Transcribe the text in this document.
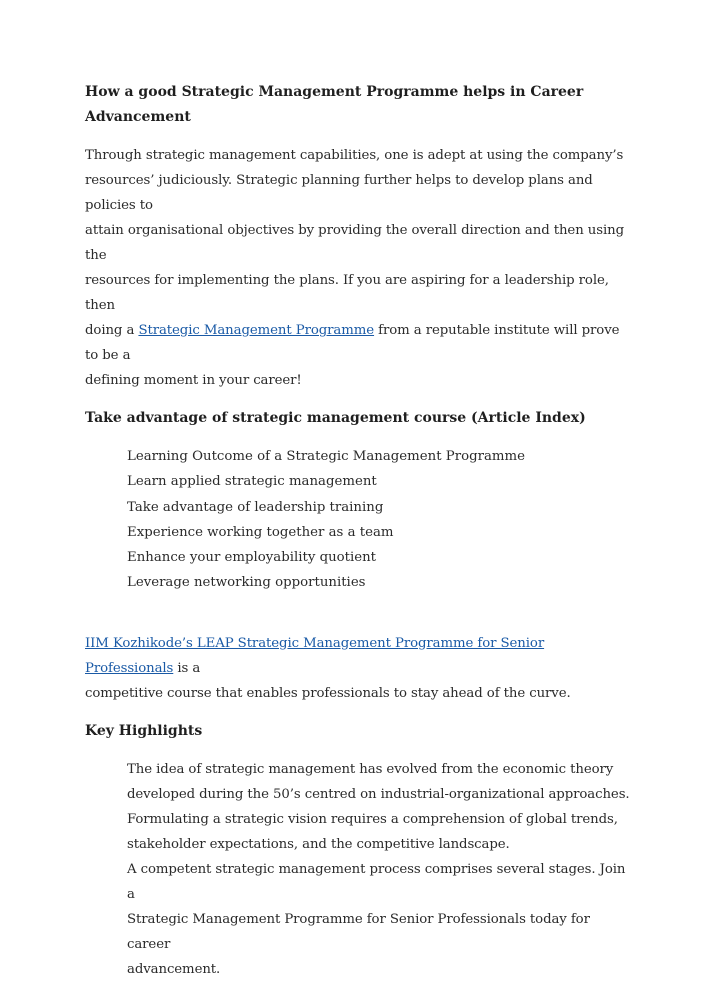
How a good Strategic Management Programme helps in Career
Advancement

Through strategic management capabilities, one is adept at using the company’s
resources’ judiciously. Strategic planning further helps to develop plans and policies to
attain organisational objectives by providing the overall direction and then using the
resources for implementing the plans. If you are aspiring for a leadership role, then
doing a Strategic Management Programme from a reputable institute will prove to be a
defining moment in your career!

Take advantage of strategic management course (Article Index)
Learning Outcome of a Strategic Management Programme
Learn applied strategic management
Take advantage of leadership training
Experience working together as a team
Enhance your employability quotient
Leverage networking opportunities

IIM Kozhikode’s LEAP Strategic Management Programme for Senior Professionals is a
competitive course that enables professionals to stay ahead of the curve.

Key Highlights

The idea of strategic management has evolved from the economic theory
developed during the 50’s centred on industrial-organizational approaches.
Formulating a strategic vision requires a comprehension of global trends,
stakeholder expectations, and the competitive landscape.
A competent strategic management process comprises several stages. Join a
Strategic Management Programme for Senior Professionals today for career
advancement.
